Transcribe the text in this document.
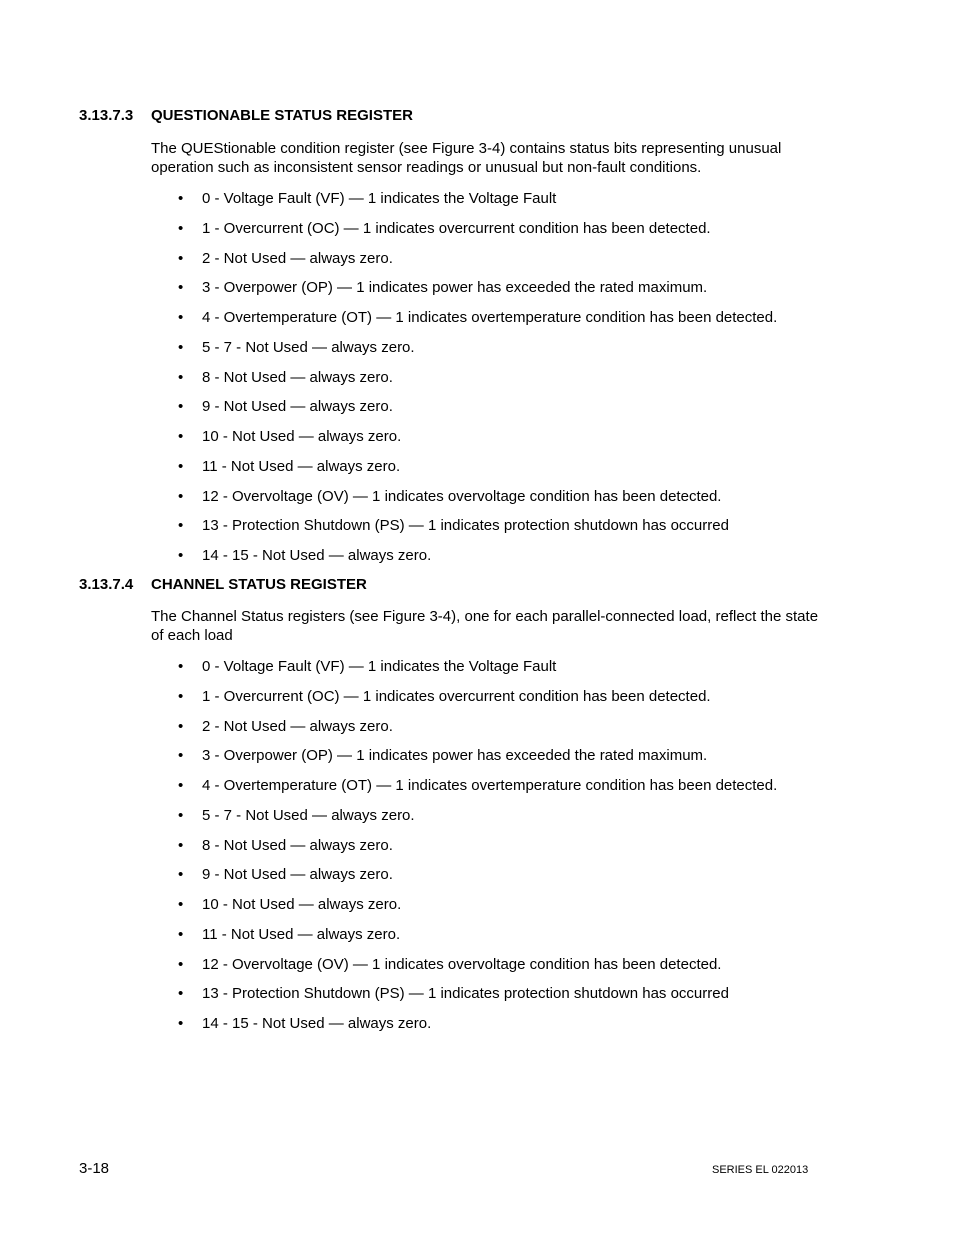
3.13.7.3 QUESTIONABLE STATUS REGISTER
The QUEStionable condition register (see Figure 3-4) contains status bits representing unusual operation such as inconsistent sensor readings or unusual but non-fault conditions.
• 0 - Voltage Fault (VF) — 1 indicates the Voltage Fault
• 1 - Overcurrent (OC) — 1 indicates overcurrent condition has been detected.
• 2 - Not Used — always zero.
• 3 - Overpower (OP) — 1 indicates power has exceeded the rated maximum.
• 4 - Overtemperature (OT) — 1 indicates overtemperature condition has been detected.
• 5 - 7 - Not Used — always zero.
• 8 - Not Used — always zero.
• 9 - Not Used — always zero.
• 10 - Not Used — always zero.
• 11 - Not Used — always zero.
• 12 - Overvoltage (OV) — 1 indicates overvoltage condition has been detected.
• 13 - Protection Shutdown (PS) — 1 indicates protection shutdown has occurred
• 14 - 15 - Not Used — always zero.
3.13.7.4 CHANNEL STATUS REGISTER
The Channel Status registers (see Figure 3-4), one for each parallel-connected load, reflect the state of each load
• 0 - Voltage Fault (VF) — 1 indicates the Voltage Fault
• 1 - Overcurrent (OC) — 1 indicates overcurrent condition has been detected.
• 2 - Not Used — always zero.
• 3 - Overpower (OP) — 1 indicates power has exceeded the rated maximum.
• 4 - Overtemperature (OT) — 1 indicates overtemperature condition has been detected.
• 5 - 7 - Not Used — always zero.
• 8 - Not Used — always zero.
• 9 - Not Used — always zero.
• 10 - Not Used — always zero.
• 11 - Not Used — always zero.
• 12 - Overvoltage (OV) — 1 indicates overvoltage condition has been detected.
• 13 - Protection Shutdown (PS) — 1 indicates protection shutdown has occurred
• 14 - 15 - Not Used — always zero.
3-18	SERIES EL 022013
